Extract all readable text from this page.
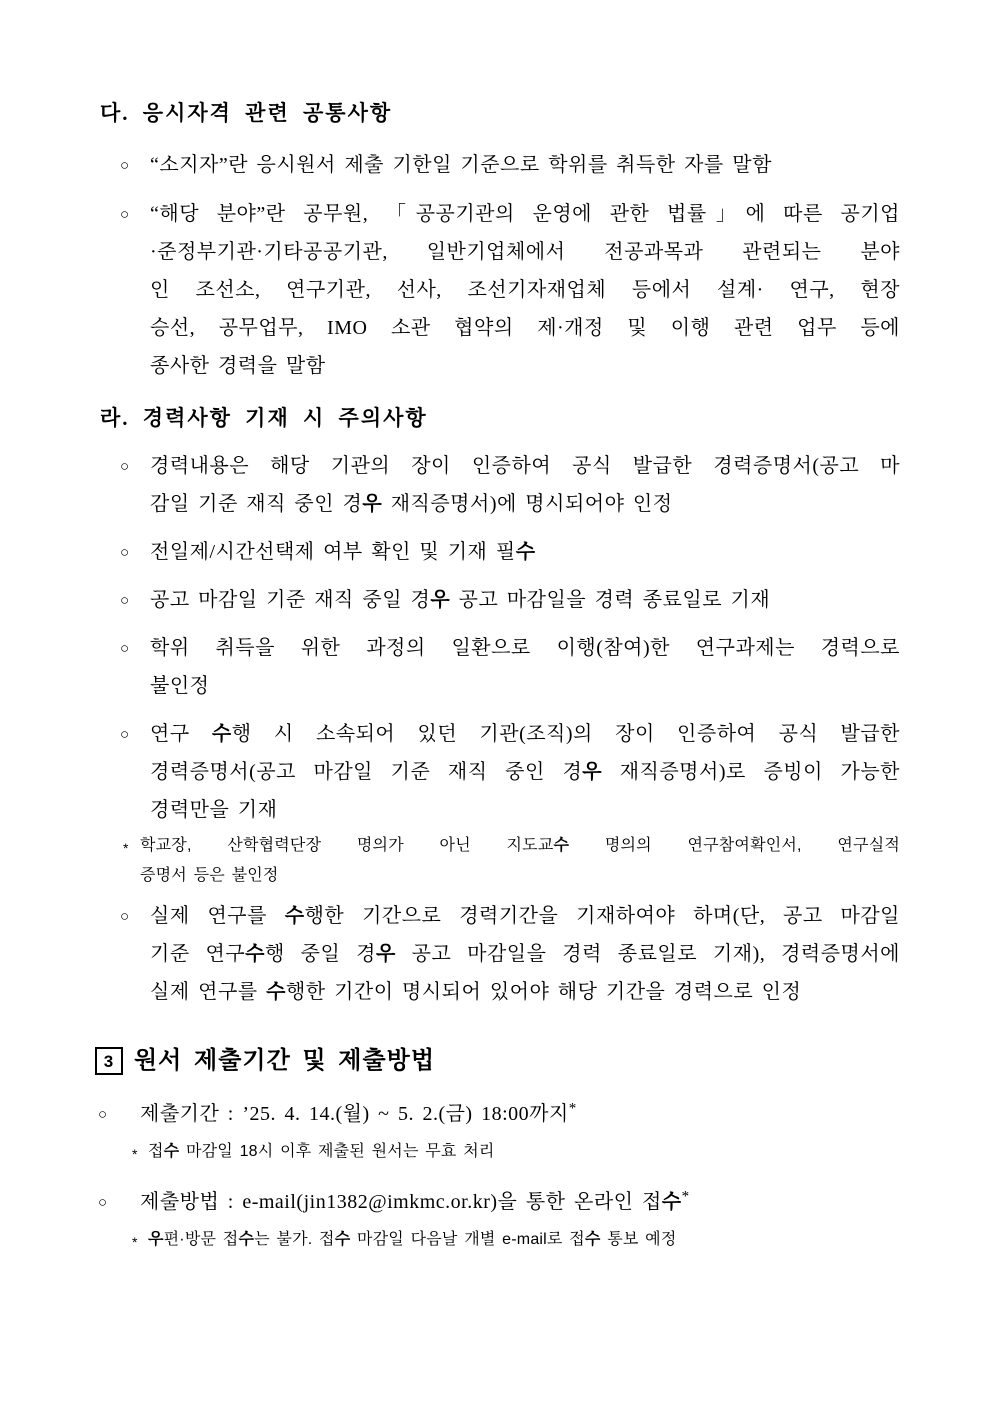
다. 응시자격 관련 공통사항
○ “소지자”란 응시원서 제출 기한일 기준으로 학위를 취득한 자를 말함
○ “해당 분야”란 공무원, 「공공기관의 운영에 관한 법률」에 따른 공기업
·준정부기관·기타공공기관, 일반기업체에서 전공과목과 관련되는 분야
인 조선소, 연구기관, 선사, 조선기자재업체 등에서 설계· 연구, 현장
승선, 공무업무, IMO 소관 협약의 제·개정 및 이행 관련 업무 등에
종사한 경력을 말함
라. 경력사항 기재 시 주의사항
○ 경력내용은 해당 기관의 장이 인증하여 공식 발급한 경력증명서(공고 마
감일 기준 재직 중인 경우 재직증명서)에 명시되어야 인정
○ 전일제/시간선택제 여부 확인 및 기재 필수
○ 공고 마감일 기준 재직 중일 경우 공고 마감일을 경력 종료일로 기재
○ 학위 취득을 위한 과정의 일환으로 이행(참여)한 연구과제는 경력으로
불인정
○ 연구 수행 시 소속되어 있던 기관(조직)의 장이 인증하여 공식 발급한
경력증명서(공고 마감일 기준 재직 중인 경우 재직증명서)로 증빙이 가능한
경력만을 기재
* 학교장, 산학협력단장 명의가 아닌 지도교수 명의의 연구참여확인서, 연구실적
증명서 등은 불인정
○ 실제 연구를 수행한 기간으로 경력기간을 기재하여야 하며(단, 공고 마감일
기준 연구수행 중일 경우 공고 마감일을 경력 종료일로 기재), 경력증명서에
실제 연구를 수행한 기간이 명시되어 있어야 해당 기간을 경력으로 인정
3 원서 제출기간 및 제출방법
○ 제출기간 : ’25. 4. 14.(월) ~ 5. 2.(금) 18:00까지*
* 접수 마감일 18시 이후 제출된 원서는 무효 처리
○ 제출방법 : e-mail(jin1382@imkmc.or.kr)을 통한 온라인 접수*
* 우편·방문 접수는 불가. 접수 마감일 다음날 개별 e-mail로 접수 통보 예정
